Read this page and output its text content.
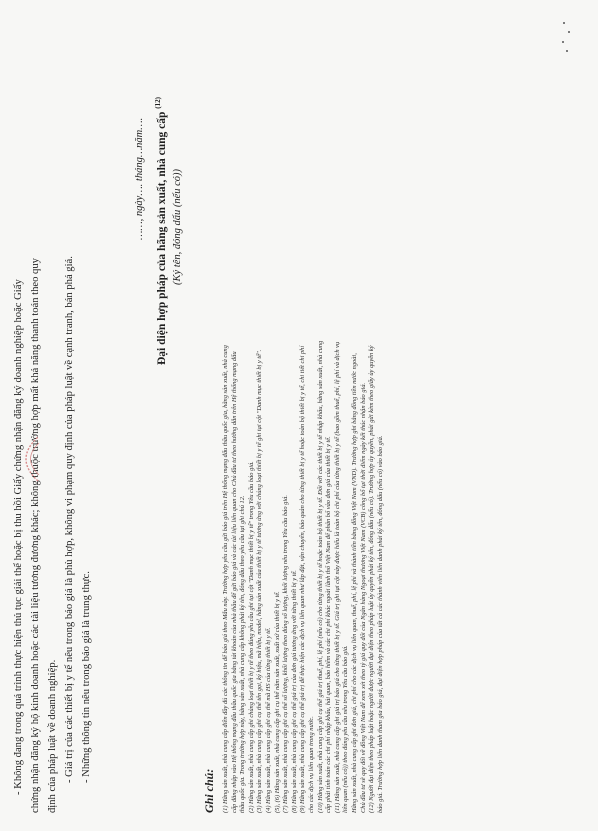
- Không đang trong quá trình thực hiện thủ tục giải thể hoặc bị thu hồi Giấy chứng nhận đăng ký doanh nghiệp hoặc Giấy chứng nhận đăng ký hộ kinh doanh hoặc các tài liệu tương đương khác; không thuộc trường hợp mất khả năng thanh toán theo quy định của pháp luật về doanh nghiệp. - Giá trị của các thiết bị y tế nêu trong báo giá là phù hợp, không vi phạm quy định của pháp luật về cạnh tranh, bán phá giá. - Những thông tin nêu trong báo giá là trung thực.

……, ngày…. tháng…năm…. Đại diện hợp pháp của hãng sản xuất, nhà cung cấp $^{(12)}$

(Ký tên, đóng dấu (nếu có))

Ghi chú: (1) Hãng sản xuất, nhà cung cấp điền đầy đủ các thông tin để báo giá theo Mẫu này. Trường hợp yêu cầu gửi báo giá trên Hệ thống mạng đấu thầu quốc gia, hãng sản xuất, nhà cung cấp đăng nhập vào Hệ thống mạng đấu thầu quốc gia bằng tài khoản của nhà thầu để gửi báo giá và các tài liệu liên quan cho Chủ đầu tư theo hướng dẫn trên Hệ thống mạng đấu thầu quốc gia. Trong trường hợp này, hãng sản xuất, nhà cung cấp không phải ký tên, đóng dấu theo yêu cầu tại ghi chú 12. (2) Hãng sản xuất, nhà cung cấp ghi chủng loại thiết bị y tế theo đúng yêu cầu ghi tại cột "Danh mục thiết bị y tế" trong Yêu cầu báo giá. (3) Hãng sản xuất, nhà cung cấp ghi cụ thể tên gọi, ký hiệu, mã hiệu, model, hãng sản xuất của thiết bị y tế tương ứng với chủng loại thiết bị y tế ghi tại cột "Danh mục thiết bị y tế". (4) Hãng sản xuất, nhà cung cấp ghi cụ thể mã HS của từng thiết bị y tế. (5), (6) Hãng sản xuất, nhà cung cấp ghi cụ thể năm sản xuất, xuất xứ của thiết bị y tế. (7) Hãng sản xuất, nhà cung cấp ghi cụ thể số lượng, khối lượng theo đúng số lượng, khối lượng nêu trong Yêu cầu báo giá. (8) Hãng sản xuất, nhà cung cấp ghi cụ thể giá trị của đơn giá tương ứng với từng thiết bị y tế. (9) Hãng sản xuất, nhà cung cấp ghi cụ thể giá trị để thực hiện các dịch vụ liên quan như lắp đặt, vận chuyển, bảo quản cho từng thiết bị y tế hoặc toàn bộ thiết bị y tế, chi tiết chi phí cho các dịch vụ liên quan trong nước. (10) Hãng sản xuất, nhà cung cấp ghi cụ thể giá trị thuế, phí, lệ phí (nếu có) cho từng thiết bị y tế hoặc toàn bộ thiết bị y tế. Đối với các thiết bị y tế nhập khẩu, hãng sản xuất, nhà cung cấp phải tính toán các chi phí nhập khẩu, hải quan, bảo hiểm và các chi phí khác ngoài lãnh thổ Việt Nam để phân bổ vào đơn giá của thiết bị y tế. (11) Hãng sản xuất, nhà cung cấp ghi giá trị báo giá cho từng thiết bị y tế. Giá trị ghi tại cột này được hiểu là toàn bộ chi phí của từng thiết bị y tế (bao gồm thuế, phí, lệ phí và dịch vụ liên quan (nếu có)) theo đúng yêu cầu nêu trong Yêu cầu báo giá. Hãng sản xuất, nhà cung cấp ghi đơn giá, chi phí cho các dịch vụ liên quan, thuế, phí, lệ phí và thành tiền bằng đồng Việt Nam (VND). Trường hợp ghi bằng đồng tiền nước ngoài, Chủ đầu tư sẽ quy đổi về đồng Việt Nam để xem xét theo tỷ giá quy đổi của Ngân hàng Ngoại thương Việt Nam (VCB) công bố tại thời điểm ngày kết thúc nhận báo giá. (12) Người đại diện theo pháp luật hoặc người được người đại diện theo pháp luật ủy quyền phải ký tên, đóng dấu (nếu có). Trường hợp ủy quyền, phải gửi kèm theo giấy ủy quyền ký báo giá. Trường hợp liên danh tham gia báo giá, đại diện hợp pháp của tất cả các thành viên liên danh phải ký tên, đóng dấu (nếu có) vào báo giá.
